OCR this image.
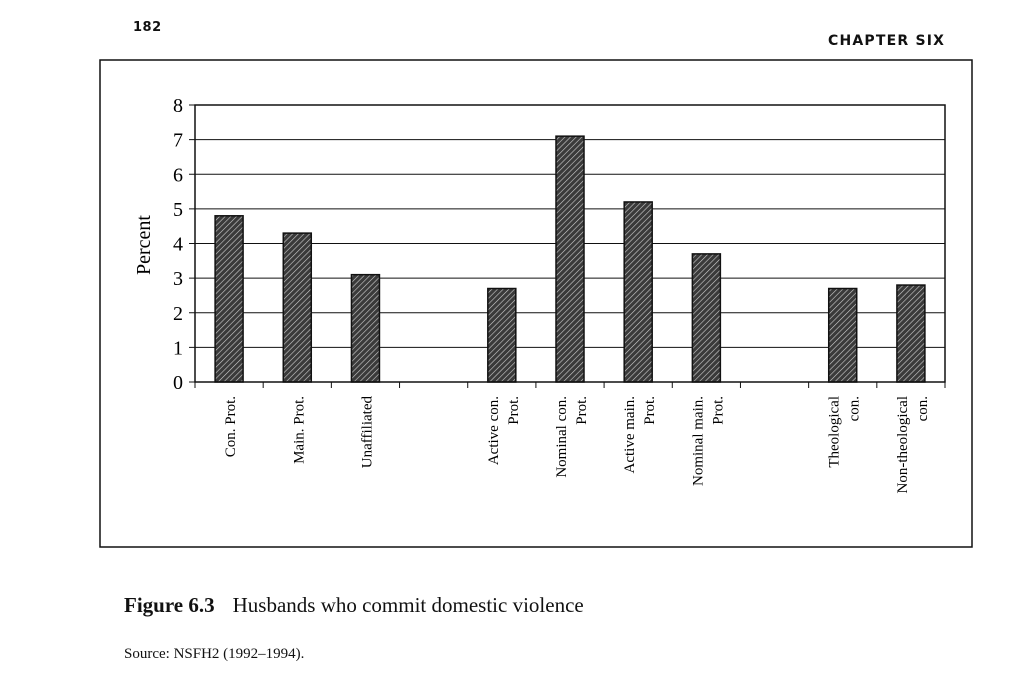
182
CHAPTER SIX
0
1
2
3
4
5
6
7
8
Con. Prot.	Main. Prot.	Unaffiliated	Active con. Prot. Nominal con. Prot. Active main. Prot. Nominal main. Prot.	Theological con. Non-theological con.
Percent
Figure 6.3 Husbands who commit domestic violence
Source: NSFH2 (1992–1994).
